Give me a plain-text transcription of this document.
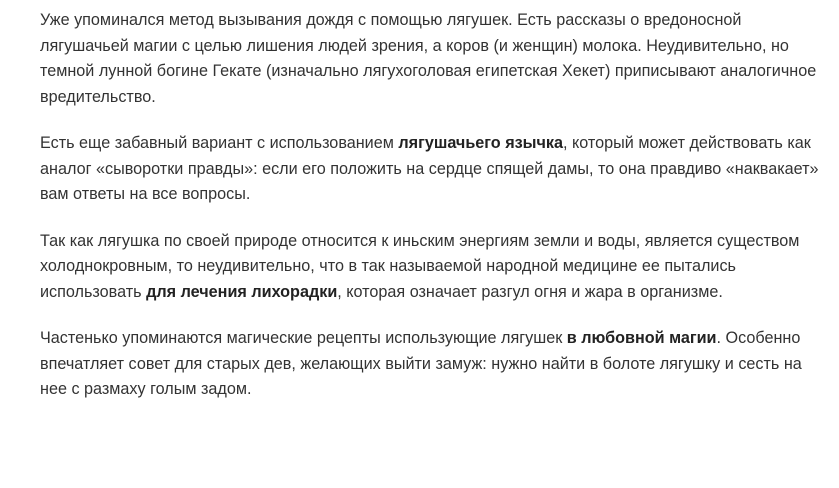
Уже упоминался метод вызывания дождя с помощью лягушек. Есть рассказы о вредоносной лягушачьей магии с целью лишения людей зрения, а коров (и женщин) молока. Неудивительно, но темной лунной богине Гекате (изначально лягухоголовая египетская Хекет) приписывают аналогичное вредительство.

Есть еще забавный вариант с использованием лягушачьего язычка, который может действовать как аналог «сыворотки правды»: если его положить на сердце спящей дамы, то она правдиво «наквакает» вам ответы на все вопросы.

Так как лягушка по своей природе относится к иньским энергиям земли и воды, является существом холоднокровным, то неудивительно, что в так называемой народной медицине ее пытались использовать для лечения лихорадки, которая означает разгул огня и жара в организме.

Частенько упоминаются магические рецепты использующие лягушек в любовной магии. Особенно впечатляет совет для старых дев, желающих выйти замуж: нужно найти в болоте лягушку и сесть на нее с размаху голым задом.
